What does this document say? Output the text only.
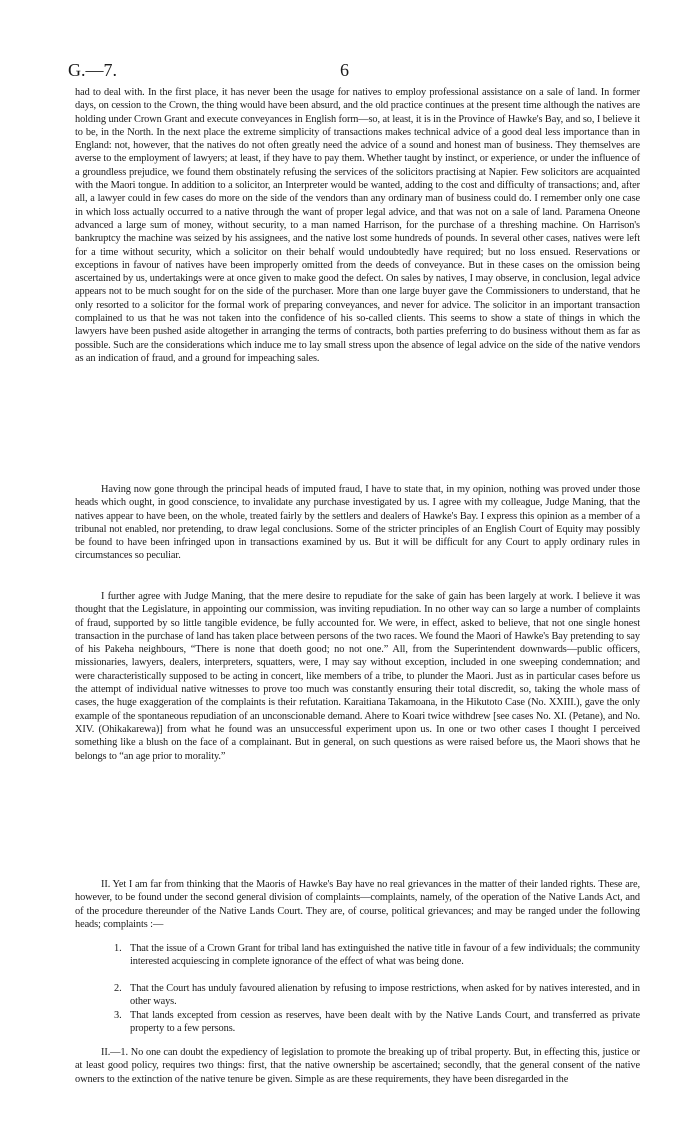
G.—7.	6

had to deal with. In the first place, it has never been the usage for natives to employ professional assistance on a sale of land. In former days, on cession to the Crown, the thing would have been absurd, and the old practice continues at the present time although the natives are holding under Crown Grant and execute conveyances in English form—so, at least, it is in the Province of Hawke's Bay, and so, I believe it to be, in the North. In the next place the extreme simplicity of transactions makes technical advice of a good deal less importance than in England: not, however, that the natives do not often greatly need the advice of a sound and honest man of business. They themselves are averse to the employment of lawyers; at least, if they have to pay them. Whether taught by instinct, or experience, or under the influence of a groundless prejudice, we found them obstinately refusing the services of the solicitors practising at Napier. Few solicitors are acquainted with the Maori tongue. In addition to a solicitor, an Interpreter would be wanted, adding to the cost and difficulty of transactions; and, after all, a lawyer could in few cases do more on the side of the vendors than any ordinary man of business could do. I remember only one case in which loss actually occurred to a native through the want of proper legal advice, and that was not on a sale of land. Paramena Oneone advanced a large sum of money, without security, to a man named Harrison, for the purchase of a threshing machine. On Harrison's bankruptcy the machine was seized by his assignees, and the native lost some hundreds of pounds. In several other cases, natives were left for a time without security, which a solicitor on their behalf would undoubtedly have required; but no loss ensued. Reservations or exceptions in favour of natives have been improperly omitted from the deeds of conveyance. But in these cases on the omission being ascertained by us, undertakings were at once given to make good the defect. On sales by natives, I may observe, in conclusion, legal advice appears not to be much sought for on the side of the purchaser. More than one large buyer gave the Commissioners to understand, that he only resorted to a solicitor for the formal work of preparing conveyances, and never for advice. The solicitor in an important transaction complained to us that he was not taken into the confidence of his so-called clients. This seems to show a state of things in which the lawyers have been pushed aside altogether in arranging the terms of contracts, both parties preferring to do business without them as far as possible. Such are the considerations which induce me to lay small stress upon the absence of legal advice on the side of the native vendors as an indication of fraud, and a ground for impeaching sales.

Having now gone through the principal heads of imputed fraud, I have to state that, in my opinion, nothing was proved under those heads which ought, in good conscience, to invalidate any purchase investigated by us. I agree with my colleague, Judge Maning, that the natives appear to have been, on the whole, treated fairly by the settlers and dealers of Hawke's Bay. I express this opinion as a member of a tribunal not enabled, nor pretending, to draw legal conclusions. Some of the stricter principles of an English Court of Equity may possibly be found to have been infringed upon in transactions examined by us. But it will be difficult for any Court to apply ordinary rules in circumstances so peculiar.

I further agree with Judge Maning, that the mere desire to repudiate for the sake of gain has been largely at work. I believe it was thought that the Legislature, in appointing our commission, was inviting repudiation. In no other way can so large a number of complaints of fraud, supported by so little tangible evidence, be fully accounted for. We were, in effect, asked to believe, that not one single honest transaction in the purchase of land has taken place between persons of the two races. We found the Maori of Hawke's Bay pretending to say of his Pakeha neighbours, “There is none that doeth good; no not one.” All, from the Superintendent downwards—public officers, missionaries, lawyers, dealers, interpreters, squatters, were, I may say without exception, included in one sweeping condemnation; and were characteristically supposed to be acting in concert, like members of a tribe, to plunder the Maori. Just as in particular cases before us the attempt of individual native witnesses to prove too much was constantly ensuring their total discredit, so, taking the whole mass of cases, the huge exaggeration of the complaints is their refutation. Karaitiana Takamoana, in the Hikutoto Case (No. XXIII.), gave the only example of the spontaneous repudiation of an unconscionable demand. Ahere to Koari twice withdrew [see cases No. XI. (Petane), and No. XIV. (Ohikakarewa)] from what he found was an unsuccessful experiment upon us. In one or two other cases I thought I perceived something like a blush on the face of a complainant. But in general, on such questions as were raised before us, the Maori shows that he belongs to “an age prior to morality.”

II. Yet I am far from thinking that the Maoris of Hawke's Bay have no real grievances in the matter of their landed rights. These are, however, to be found under the second general division of complaints—complaints, namely, of the operation of the Native Lands Act, and of the procedure thereunder of the Native Lands Court. They are, of course, political grievances; and may be ranged under the following heads; complaints :—

1. That the issue of a Crown Grant for tribal land has extinguished the native title in favour of a few individuals; the community interested acquiescing in complete ignorance of the effect of what was being done.
2. That the Court has unduly favoured alienation by refusing to impose restrictions, when asked for by natives interested, and in other ways.
3. That lands excepted from cession as reserves, have been dealt with by the Native Lands Court, and transferred as private property to a few persons.

II.—1. No one can doubt the expediency of legislation to promote the breaking up of tribal property. But, in effecting this, justice or at least good policy, requires two things: first, that the native ownership be ascertained; secondly, that the general consent of the native owners to the extinction of the native tenure be given. Simple as are these requirements, they have been disregarded in the
